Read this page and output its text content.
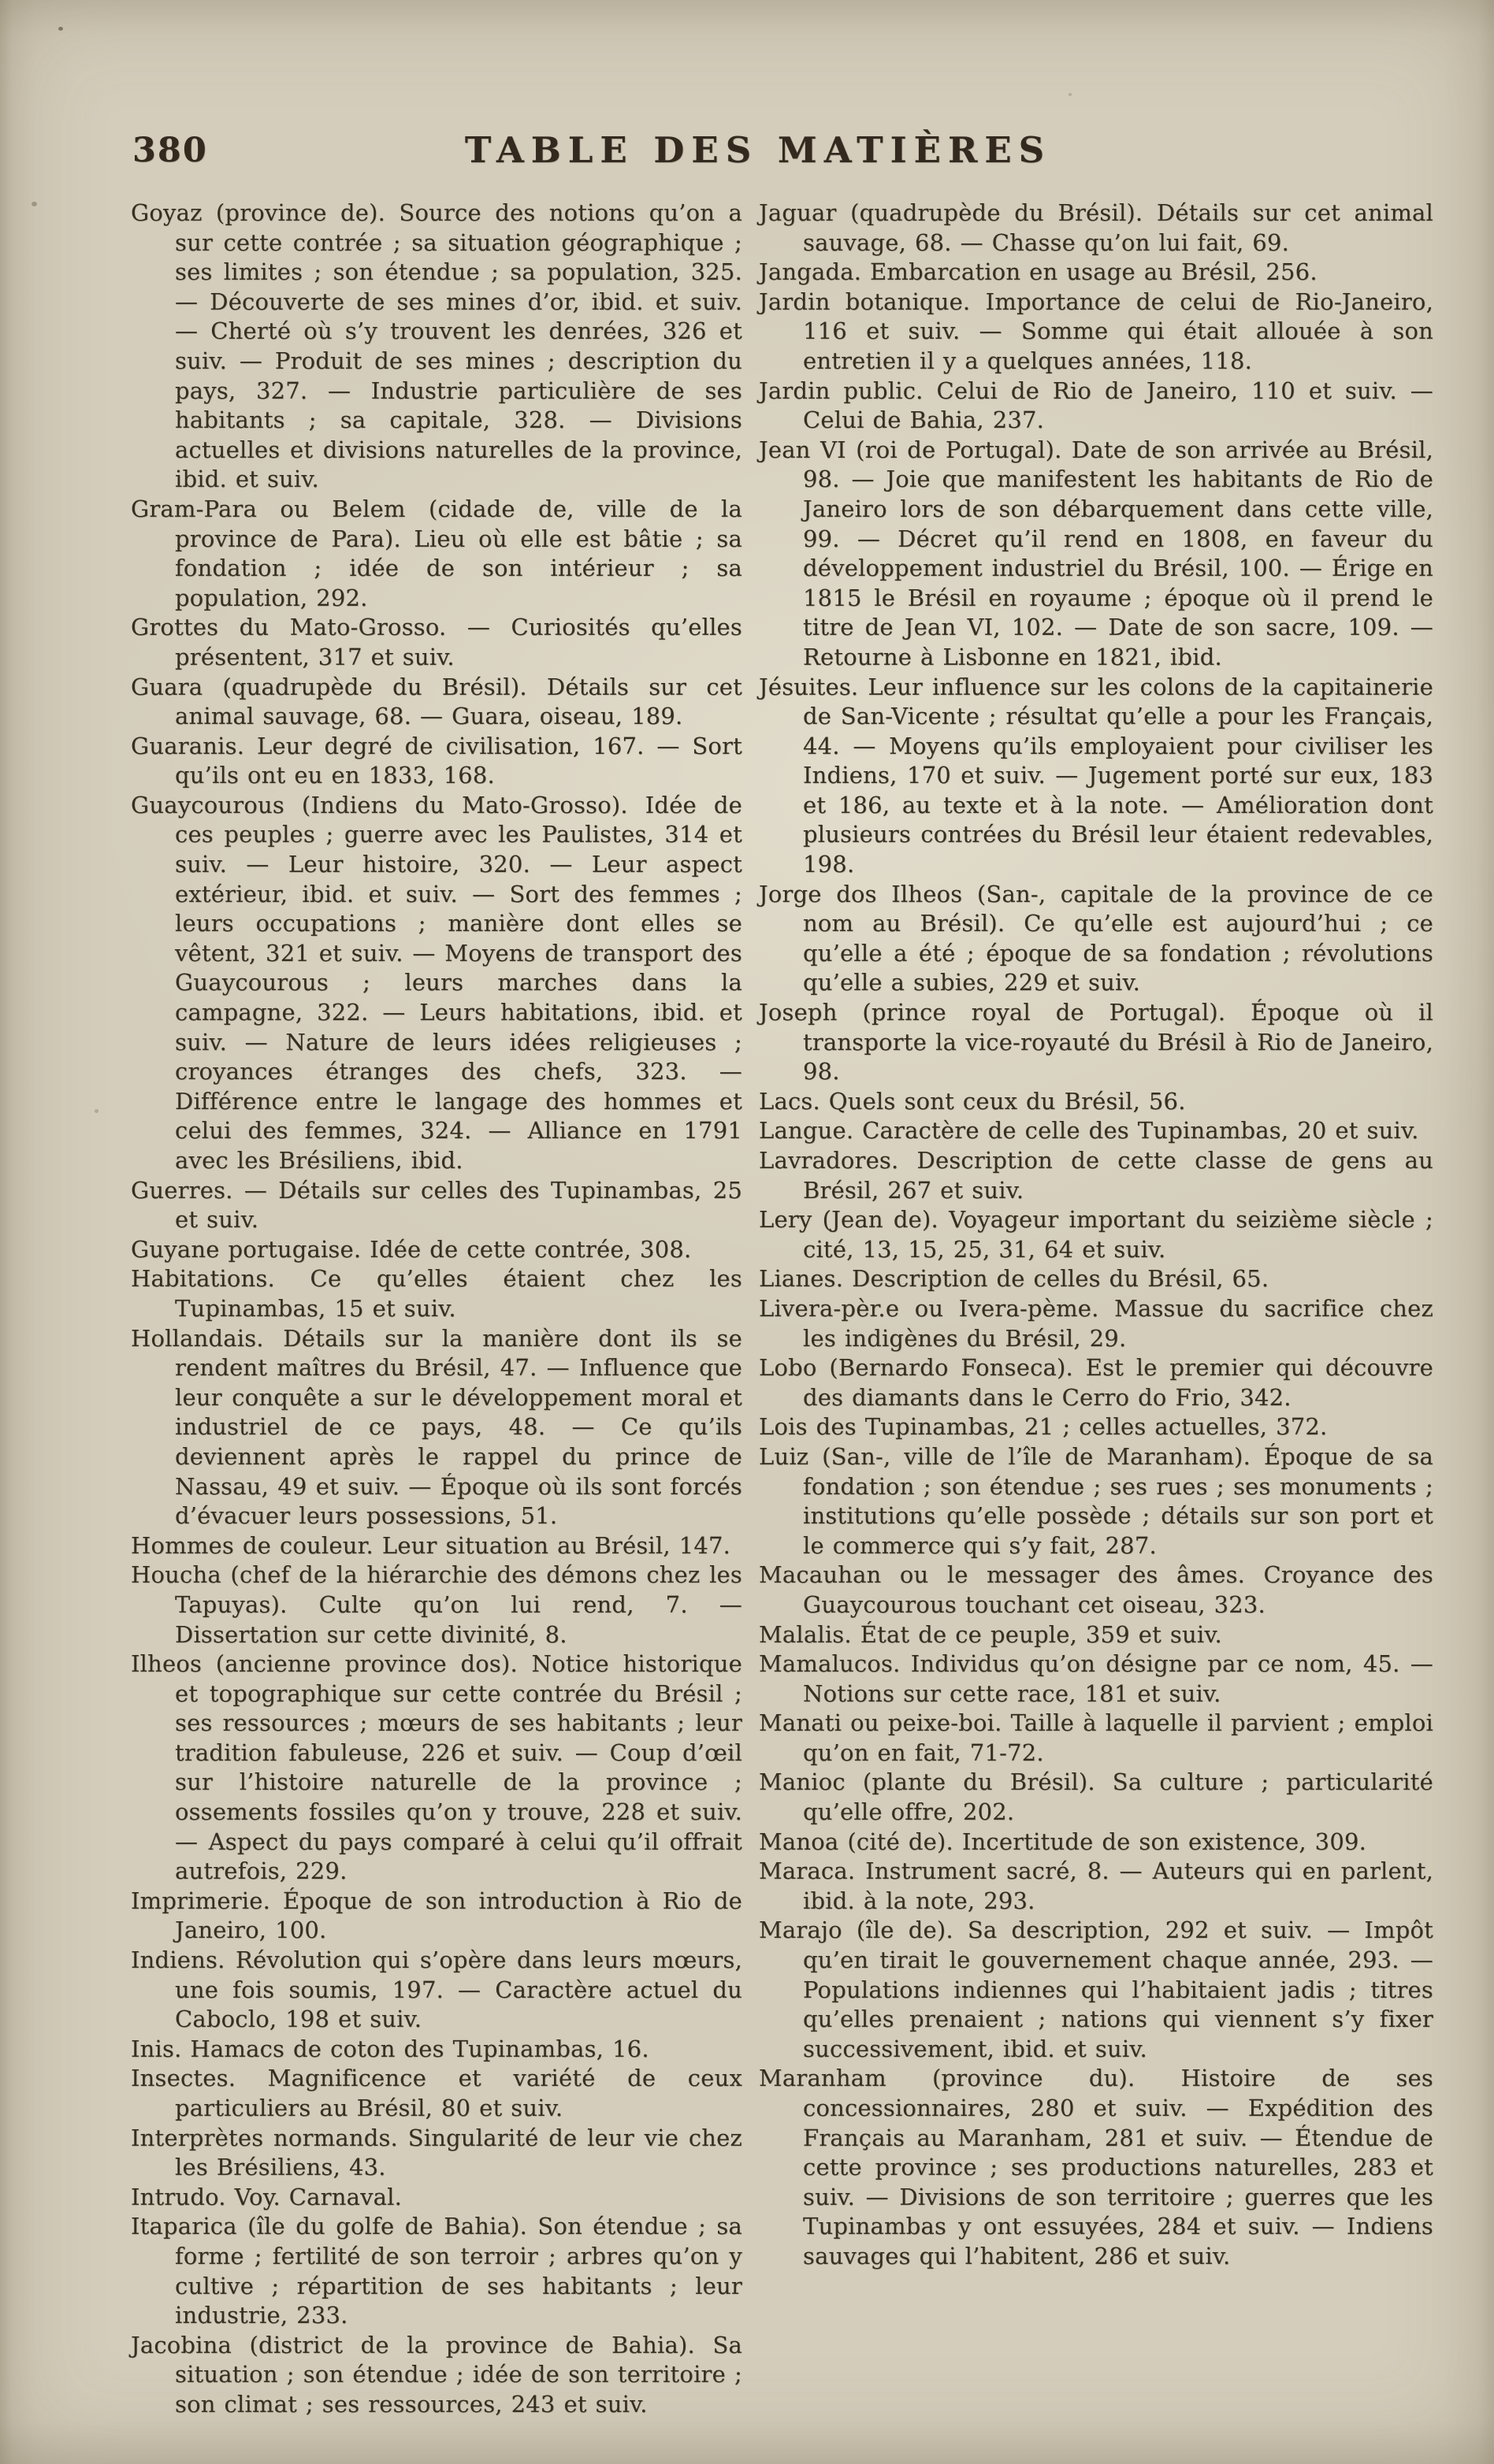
380	TABLE DES MATIÈRES

Goyaz (province de). Source des notions qu’on a sur cette contrée ; sa situation géographique ; ses limites ; son étendue ; sa population, 325. — Découverte de ses mines d’or, ibid. et suiv. — Cherté où s’y trouvent les denrées, 326 et suiv. — Produit de ses mines ; description du pays, 327. — Industrie particulière de ses habitants ; sa capitale, 328. — Divisions actuelles et divisions naturelles de la province, ibid. et suiv.

Gram-Para ou Belem (cidade de, ville de la province de Para). Lieu où elle est bâtie ; sa fondation ; idée de son intérieur ; sa population, 292.

Grottes du Mato-Grosso. — Curiosités qu’elles présentent, 317 et suiv.

Guara (quadrupède du Brésil). Détails sur cet animal sauvage, 68. — Guara, oiseau, 189.

Guaranis. Leur degré de civilisation, 167. — Sort qu’ils ont eu en 1833, 168.

Guaycourous (Indiens du Mato-Grosso). Idée de ces peuples ; guerre avec les Paulistes, 314 et suiv. — Leur histoire, 320. — Leur aspect extérieur, ibid. et suiv. — Sort des femmes ; leurs occupations ; manière dont elles se vêtent, 321 et suiv. — Moyens de transport des Guaycourous ; leurs marches dans la campagne, 322. — Leurs habitations, ibid. et suiv. — Nature de leurs idées religieuses ; croyances étranges des chefs, 323. — Différence entre le langage des hommes et celui des femmes, 324. — Alliance en 1791 avec les Brésiliens, ibid.

Guerres. — Détails sur celles des Tupinambas, 25 et suiv.

Guyane portugaise. Idée de cette contrée, 308.

Habitations. Ce qu’elles étaient chez les Tupinambas, 15 et suiv.

Hollandais. Détails sur la manière dont ils se rendent maîtres du Brésil, 47. — Influence que leur conquête a sur le développement moral et industriel de ce pays, 48. — Ce qu’ils deviennent après le rappel du prince de Nassau, 49 et suiv. — Époque où ils sont forcés d’évacuer leurs possessions, 51.

Hommes de couleur. Leur situation au Brésil, 147.

Houcha (chef de la hiérarchie des démons chez les Tapuyas). Culte qu’on lui rend, 7. — Dissertation sur cette divinité, 8.

Ilheos (ancienne province dos). Notice historique et topographique sur cette contrée du Brésil ; ses ressources ; mœurs de ses habitants ; leur tradition fabuleuse, 226 et suiv. — Coup d’œil sur l’histoire naturelle de la province ; ossements fossiles qu’on y trouve, 228 et suiv. — Aspect du pays comparé à celui qu’il offrait autrefois, 229.

Imprimerie. Époque de son introduction à Rio de Janeiro, 100.

Indiens. Révolution qui s’opère dans leurs mœurs, une fois soumis, 197. — Caractère actuel du Caboclo, 198 et suiv.

Inis. Hamacs de coton des Tupinambas, 16.

Insectes. Magnificence et variété de ceux particuliers au Brésil, 80 et suiv.

Interprètes normands. Singularité de leur vie chez les Brésiliens, 43.

Intrudo. Voy. Carnaval.

Itaparica (île du golfe de Bahia). Son étendue ; sa forme ; fertilité de son terroir ; arbres qu’on y cultive ; répartition de ses habitants ; leur industrie, 233.

Jacobina (district de la province de Bahia). Sa situation ; son étendue ; idée de son territoire ; son climat ; ses ressources, 243 et suiv.

Jaguar (quadrupède du Brésil). Détails sur cet animal sauvage, 68. — Chasse qu’on lui fait, 69.

Jangada. Embarcation en usage au Brésil, 256.

Jardin botanique. Importance de celui de Rio-Janeiro, 116 et suiv. — Somme qui était allouée à son entretien il y a quelques années, 118.

Jardin public. Celui de Rio de Janeiro, 110 et suiv. — Celui de Bahia, 237.

Jean VI (roi de Portugal). Date de son arrivée au Brésil, 98. — Joie que manifestent les habitants de Rio de Janeiro lors de son débarquement dans cette ville, 99. — Décret qu’il rend en 1808, en faveur du développement industriel du Brésil, 100. — Érige en 1815 le Brésil en royaume ; époque où il prend le titre de Jean VI, 102. — Date de son sacre, 109. — Retourne à Lisbonne en 1821, ibid.

Jésuites. Leur influence sur les colons de la capitainerie de San-Vicente ; résultat qu’elle a pour les Français, 44. — Moyens qu’ils employaient pour civiliser les Indiens, 170 et suiv. — Jugement porté sur eux, 183 et 186, au texte et à la note. — Amélioration dont plusieurs contrées du Brésil leur étaient redevables, 198.

Jorge dos Ilheos (San-, capitale de la province de ce nom au Brésil). Ce qu’elle est aujourd’hui ; ce qu’elle a été ; époque de sa fondation ; révolutions qu’elle a subies, 229 et suiv.

Joseph (prince royal de Portugal). Époque où il transporte la vice-royauté du Brésil à Rio de Janeiro, 98.

Lacs. Quels sont ceux du Brésil, 56.

Langue. Caractère de celle des Tupinambas, 20 et suiv.

Lavradores. Description de cette classe de gens au Brésil, 267 et suiv.

Lery (Jean de). Voyageur important du seizième siècle ; cité, 13, 15, 25, 31, 64 et suiv.

Lianes. Description de celles du Brésil, 65.

Livera-pèr.e ou Ivera-pème. Massue du sacrifice chez les indigènes du Brésil, 29.

Lobo (Bernardo Fonseca). Est le premier qui découvre des diamants dans le Cerro do Frio, 342.

Lois des Tupinambas, 21 ; celles actuelles, 372.

Luiz (San-, ville de l’île de Maranham). Époque de sa fondation ; son étendue ; ses rues ; ses monuments ; institutions qu’elle possède ; détails sur son port et le commerce qui s’y fait, 287.

Macauhan ou le messager des âmes. Croyance des Guaycourous touchant cet oiseau, 323.

Malalis. État de ce peuple, 359 et suiv.

Mamalucos. Individus qu’on désigne par ce nom, 45. — Notions sur cette race, 181 et suiv.

Manati ou peixe-boi. Taille à laquelle il parvient ; emploi qu’on en fait, 71-72.

Manioc (plante du Brésil). Sa culture ; particularité qu’elle offre, 202.

Manoa (cité de). Incertitude de son existence, 309.

Maraca. Instrument sacré, 8. — Auteurs qui en parlent, ibid. à la note, 293.

Marajo (île de). Sa description, 292 et suiv. — Impôt qu’en tirait le gouvernement chaque année, 293. — Populations indiennes qui l’habitaient jadis ; titres qu’elles prenaient ; nations qui viennent s’y fixer successivement, ibid. et suiv.

Maranham (province du). Histoire de ses concessionnaires, 280 et suiv. — Expédition des Français au Maranham, 281 et suiv. — Étendue de cette province ; ses productions naturelles, 283 et suiv. — Divisions de son territoire ; guerres que les Tupinambas y ont essuyées, 284 et suiv. — Indiens sauvages qui l’habitent, 286 et suiv.
